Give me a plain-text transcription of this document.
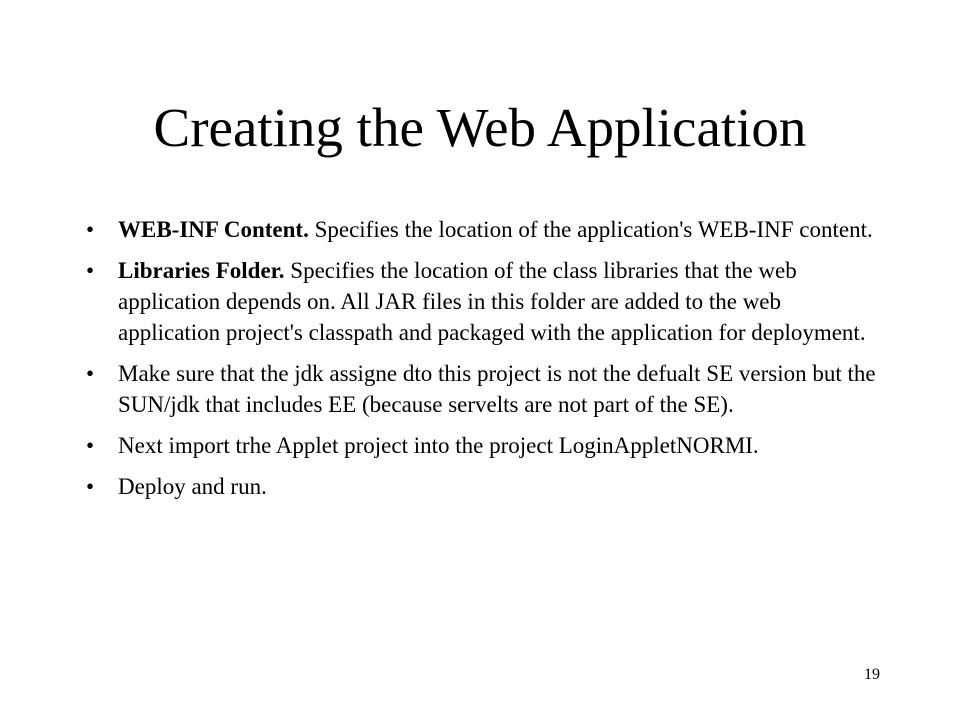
Creating the Web Application
•	WEB-INF Content. Specifies the location of the application's WEB-INF content.
•	Libraries Folder. Specifies the location of the class libraries that the web application depends on. All JAR files in this folder are added to the web application project's classpath and packaged with the application for deployment.
•	Make sure that the jdk assigne dto this project is not the defualt SE version but the SUN/jdk that includes EE (because servelts are not part of the SE).
•	Next import trhe Applet project into the project LoginAppletNORMI.
•	Deploy and run.
19
